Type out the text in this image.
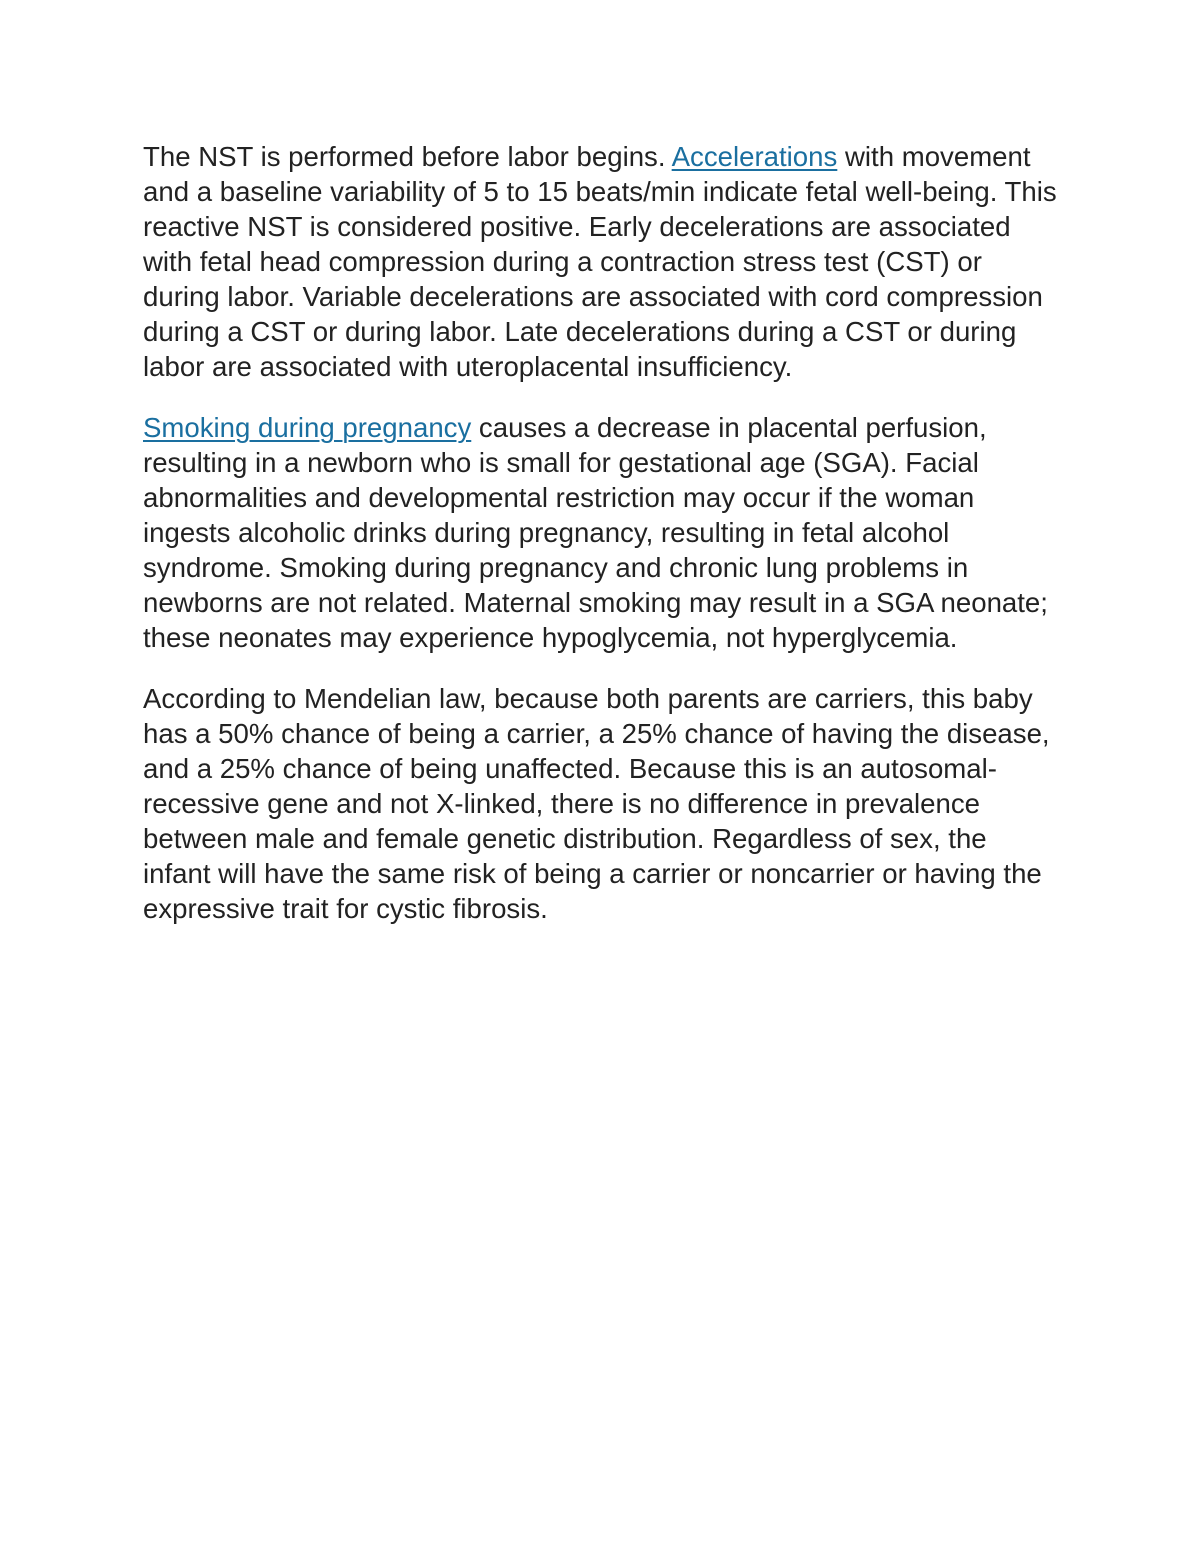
The NST is performed before labor begins. Accelerations with movement and a baseline variability of 5 to 15 beats/min indicate fetal well-being. This reactive NST is considered positive. Early decelerations are associated with fetal head compression during a contraction stress test (CST) or during labor. Variable decelerations are associated with cord compression during a CST or during labor. Late decelerations during a CST or during labor are associated with uteroplacental insufficiency.

Smoking during pregnancy causes a decrease in placental perfusion, resulting in a newborn who is small for gestational age (SGA). Facial abnormalities and developmental restriction may occur if the woman ingests alcoholic drinks during pregnancy, resulting in fetal alcohol syndrome. Smoking during pregnancy and chronic lung problems in newborns are not related. Maternal smoking may result in a SGA neonate; these neonates may experience hypoglycemia, not hyperglycemia.

According to Mendelian law, because both parents are carriers, this baby has a 50% chance of being a carrier, a 25% chance of having the disease, and a 25% chance of being unaffected. Because this is an autosomal-recessive gene and not X-linked, there is no difference in prevalence between male and female genetic distribution. Regardless of sex, the infant will have the same risk of being a carrier or noncarrier or having the expressive trait for cystic fibrosis.
